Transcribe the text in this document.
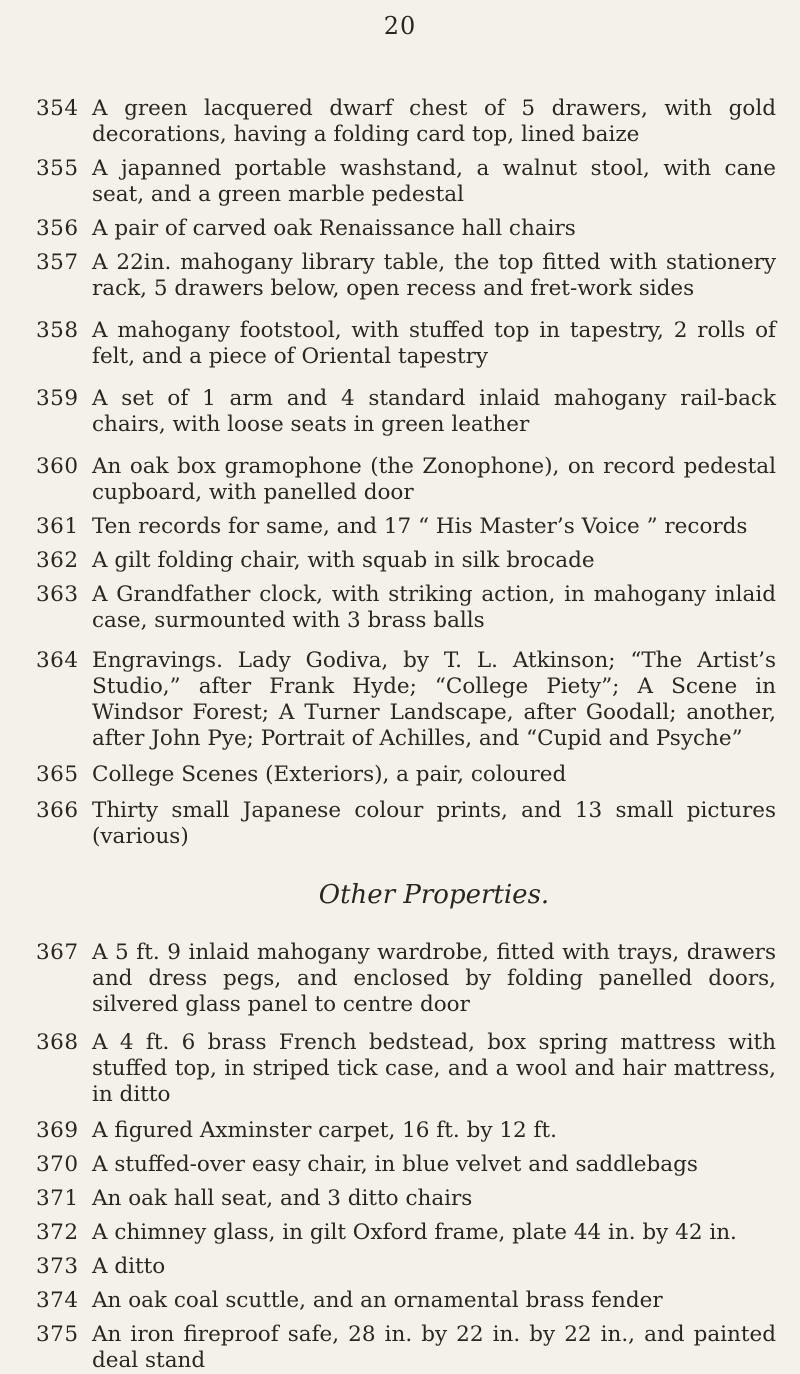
20
354 A green lacquered dwarf chest of 5 drawers, with gold decorations, having a folding card top, lined baize
355 A japanned portable washstand, a walnut stool, with cane seat, and a green marble pedestal
356 A pair of carved oak Renaissance hall chairs
357 A 22in. mahogany library table, the top fitted with stationery rack, 5 drawers below, open recess and fret-work sides
358 A mahogany footstool, with stuffed top in tapestry, 2 rolls of felt, and a piece of Oriental tapestry
359 A set of 1 arm and 4 standard inlaid mahogany rail-back chairs, with loose seats in green leather
360 An oak box gramophone (the Zonophone), on record pedestal cupboard, with panelled door
361 Ten records for same, and 17 “ His Master’s Voice ” records
362 A gilt folding chair, with squab in silk brocade
363 A Grandfather clock, with striking action, in mahogany inlaid case, surmounted with 3 brass balls
364 Engravings. Lady Godiva, by T. L. Atkinson; “The Artist’s Studio,” after Frank Hyde; “College Piety”; A Scene in Windsor Forest; A Turner Landscape, after Goodall; another, after John Pye; Portrait of Achilles, and “Cupid and Psyche”
365 College Scenes (Exteriors), a pair, coloured
366 Thirty small Japanese colour prints, and 13 small pictures (various)
Other Properties.
367 A 5 ft. 9 inlaid mahogany wardrobe, fitted with trays, drawers and dress pegs, and enclosed by folding panelled doors, silvered glass panel to centre door
368 A 4 ft. 6 brass French bedstead, box spring mattress with stuffed top, in striped tick case, and a wool and hair mattress, in ditto
369 A figured Axminster carpet, 16 ft. by 12 ft.
370 A stuffed-over easy chair, in blue velvet and saddlebags
371 An oak hall seat, and 3 ditto chairs
372 A chimney glass, in gilt Oxford frame, plate 44 in. by 42 in.
373 A ditto
374 An oak coal scuttle, and an ornamental brass fender
375 An iron fireproof safe, 28 in. by 22 in. by 22 in., and painted deal stand
